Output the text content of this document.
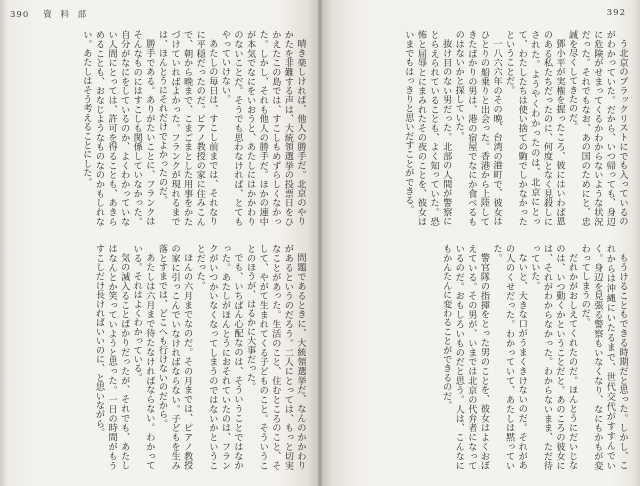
390 資 料 部

晴き楽しければ、他人の勝手だ。北京のやりかたを非難する声は、大統領選挙の投票日をひかえたこの島では、すこしもめずらしくなかった。しかし、それも他人の勝手だ。ほかの連中が本気でなにをいおうと、あたしにはかかわりのないことだ。そうでも思わなければ、とてもやっていけない。

あたしの毎日は、すこし前までは、それなりに平穏だったのだ。ピアノ教授の家に住みこんで、朝から晩まで、こまごまとした用事をかたづけていればよかった。フランクが現れるまでは、ほんとうにそれだけでよかったのだ。

勝手である。ありがたいことに、フランクはそんなものにはすこしも関係していなかった。自分がなにをしているのか、よくわかっていない人間にとっては、許可を得ることも、あきらめることも、おなじようなものなのかもしれない。あたしはそう考えることにした。

問題であるときに、大統領選挙だ、なんのかかわりがあるというのだろう。二人にとっては、もっと切実なことがあった。生活のこと、住むところのこと、そして、やがて生まれてくる子どものこと。そういうことのほうが、はるかに大事だった。

でも、いちばん心配なのは、そういうことではなかった。あたしがほんとうにおそれていたのは、フランクがいつかいなくなってしまうのではないかということだった。

ほんの六月までなのだ。その月までは、ピアノ教授の家に引っこんでいなければならない。子どもを生み落とすまでは、どこへも行けないのだから。

あたしは六月まで待たなければならない。わかっている。それはよくわかっている。

気の滅入ることばかりだったが、それでも、あたしはなんとか笑っていようと思った。一日の時間がもうすこしだけ長ければいいのに、と思いながら。

392

う北京のブラックリストにでも入っているのがわかっていた。だから、いつ帰っても、身辺に危険がせまってくるかわからないような状況だった。それでもなお、あの国のためにと、忠誠を尽くしてきたのだ。

鄧小平が実権を握ったころ、彼にはいわば恩のある私たちだったのに、何度となく見殺しにされた。ようやくわかったのは、北京にとって、わたしたちは使い捨ての駒でしかなかったということだ。

一八六六年のその晩、台湾の港町で、彼女はひとりの船乗りと出会った。香港から上陸してきたばかりの男は、港の宿屋でなにか食べるものはないかと探していた。

抜け目のない男だった。北部の人間が警察にとらえられていることも、よく知っていた。恐怖と屈辱とにまみれたその夜のことを、彼女はいまでもはっきりと思いだすことができる。

もうけることもできる時期だと思った。しかし、これからは沖縄にいたるまで、世代交代がすすんでいく。身辺を見張る警察もいなくなり、なにもかもが変わってしまうのだ。

だれかがおしえてくれたのだ。ほんとうにだいじなのは、いつ動くかということだと。あのころの彼女には、それがわからなかった。わからないまま、ただ待っていた。

ないと、大きな口がうまくきけないのだ。それがあの人のくせだった。わかっていて、あたしは黙っていた。

警官隊の指揮をとった男のことを、彼女はよくおぼえている。その男が、いまでは北京の代弁者になっているのだ。おもしろいものだと思う。人は、こんなにもかんたんに変わることができるのだ。
